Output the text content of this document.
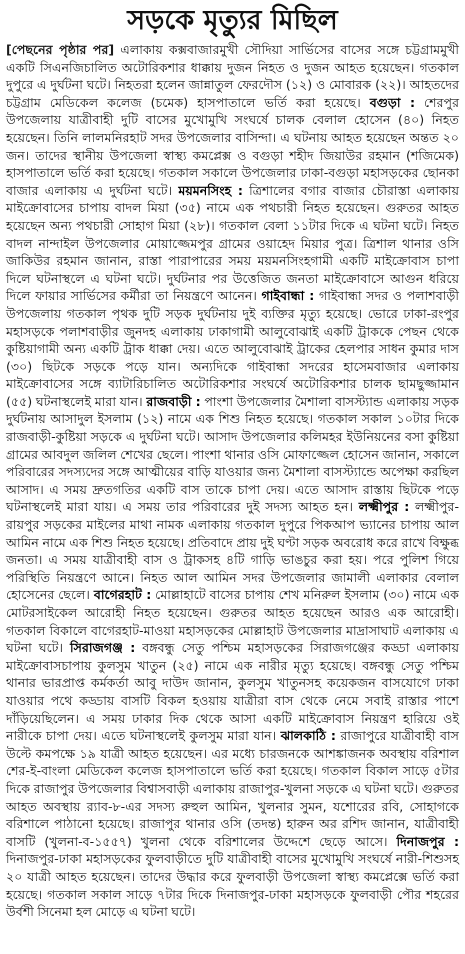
সড়কে মৃত্যুর মিছিল

[পেছনের পৃষ্ঠার পর] এলাকায় কক্সবাজারমুখী সৌদিয়া সার্ভিসের বাসের সঙ্গে চট্টগ্রামমুখী একটি সিএনজিচালিত অটোরিকশার ধাক্কায় দুজন নিহত ও দুজন আহত হয়েছেন। গতকাল দুপুরে এ দুর্ঘটনা ঘটে। নিহতরা হলেন জান্নাতুল ফেরদৌস (১২) ও মোবারক (২২)। আহতদের চট্টগ্রাম মেডিকেল কলেজ (চমেক) হাসপাতালে ভর্তি করা হয়েছে। বগুড়া : শেরপুর উপজেলায় যাত্রীবাহী দুটি বাসের মুখোমুখি সংঘর্ষে চালক বেলাল হোসেন (৪০) নিহত হয়েছেন। তিনি লালমনিরহাট সদর উপজেলার বাসিন্দা। এ ঘটনায় আহত হয়েছেন অন্তত ২০ জন। তাদের স্থানীয় উপজেলা স্বাস্থ্য কমপ্লেক্স ও বগুড়া শহীদ জিয়াউর রহমান (শজিমেক) হাসপাতালে ভর্তি করা হয়েছে। গতকাল সকালে উপজেলার ঢাকা-বগুড়া মহাসড়কের ছোনকা বাজার এলাকায় এ দুর্ঘটনা ঘটে। ময়মনসিংহ : ত্রিশালের বগার বাজার চৌরাস্তা এলাকায় মাইক্রোবাসের চাপায় বাদল মিয়া (৩৫) নামে এক পথচারী নিহত হয়েছেন। গুরুতর আহত হয়েছেন অন্য পথচারী সোহাগ মিয়া (২৮)। গতকাল বেলা ১১টার দিকে এ ঘটনা ঘটে। নিহত বাদল নান্দাইল উপজেলার মোয়াজ্জেমপুর গ্রামের ওয়াহেদ মিয়ার পুত্র। ত্রিশাল থানার ওসি জাকিউর রহমান জানান, রাস্তা পারাপারের সময় ময়মনসিংহগামী একটি মাইক্রোবাস চাপা দিলে ঘটনাস্থলে এ ঘটনা ঘটে। দুর্ঘটনার পর উত্তেজিত জনতা মাইক্রোবাসে আগুন ধরিয়ে দিলে ফায়ার সার্ভিসের কর্মীরা তা নিয়ন্ত্রণে আনেন। গাইবান্ধা : গাইবান্ধা সদর ও পলাশবাড়ী উপজেলায় গতকাল পৃথক দুটি সড়ক দুর্ঘটনায় দুই ব্যক্তির মৃত্যু হয়েছে। ভোরে ঢাকা-রংপুর মহাসড়কে পলাশবাড়ীর জুনদহ এলাকায় ঢাকাগামী আলুবোঝাই একটি ট্রাককে পেছন থেকে কুষ্টিয়াগামী অন্য একটি ট্রাক ধাক্কা দেয়। এতে আলুবোঝাই ট্রাকের হেলপার সাধন কুমার দাস (৩০) ছিটকে সড়কে পড়ে যান। অন্যদিকে গাইবান্ধা সদরের হাসেমবাজার এলাকায় মাইক্রোবাসের সঙ্গে ব্যাটারিচালিত অটোরিকশার সংঘর্ষে অটোরিকশার চালক ছামছুজ্জামান (৫৫) ঘটনাস্থলেই মারা যান। রাজবাড়ী : পাংশা উপজেলার মৈশালা বাসস্ট্যান্ড এলাকায় সড়ক দুর্ঘটনায় আসাদুল ইসলাম (১২) নামে এক শিশু নিহত হয়েছে। গতকাল সকাল ১০টার দিকে রাজবাড়ী-কুষ্টিয়া সড়কে এ দুর্ঘটনা ঘটে। আসাদ উপজেলার কলিমহর ইউনিয়নের বসা কুষ্টিয়া গ্রামের আবদুল জলিল শেখের ছেলে। পাংশা থানার ওসি মোফাজ্জেল হোসেন জানান, সকালে পরিবারের সদস্যদের সঙ্গে আত্মীয়ের বাড়ি যাওয়ার জন্য মৈশালা বাসস্ট্যান্ডে অপেক্ষা করছিল আসাদ। এ সময় দ্রুতগতির একটি বাস তাকে চাপা দেয়। এতে আসাদ রাস্তায় ছিটকে পড়ে ঘটনাস্থলেই মারা যায়। এ সময় তার পরিবারের দুই সদস্য আহত হন। লক্ষ্মীপুর : লক্ষ্মীপুর-রায়পুর সড়কের মাইলের মাথা নামক এলাকায় গতকাল দুপুরে পিকআপ ভ্যানের চাপায় আল আমিন নামে এক শিশু নিহত হয়েছে। প্রতিবাদে প্রায় দুই ঘণ্টা সড়ক অবরোধ করে রাখে বিক্ষুব্ধ জনতা। এ সময় যাত্রীবাহী বাস ও ট্রাকসহ ৪টি গাড়ি ভাঙচুর করা হয়। পরে পুলিশ গিয়ে পরিস্থিতি নিয়ন্ত্রণে আনে। নিহত আল আমিন সদর উপজেলার জামালী এলাকার বেলাল হোসেনের ছেলে। বাগেরহাট : মোল্লাহাটে বাসের চাপায় শেখ মনিরুল ইসলাম (৩০) নামে এক মোটরসাইকেল আরোহী নিহত হয়েছেন। গুরুতর আহত হয়েছেন আরও এক আরোহী। গতকাল বিকালে বাগেরহাট-মাওয়া মহাসড়কের মোল্লাহাট উপজেলার মাদ্রাসাঘাট এলাকায় এ ঘটনা ঘটে। সিরাজগঞ্জ : বঙ্গবন্ধু সেতু পশ্চিম মহাসড়কের সিরাজগঞ্জের কড্ডা এলাকায় মাইক্রোবাসচাপায় কুলসুম খাতুন (২৫) নামে এক নারীর মৃত্যু হয়েছে। বঙ্গবন্ধু সেতু পশ্চিম থানার ভারপ্রাপ্ত কর্মকর্তা আবু দাউদ জানান, কুলসুম খাতুনসহ কয়েকজন বাসযোগে ঢাকা যাওয়ার পথে কড্ডায় বাসটি বিকল হওয়ায় যাত্রীরা বাস থেকে নেমে সবাই রাস্তার পাশে দাঁড়িয়েছিলেন। এ সময় ঢাকার দিক থেকে আসা একটি মাইক্রোবাস নিয়ন্ত্রণ হারিয়ে ওই নারীকে চাপা দেয়। এতে ঘটনাস্থলেই কুলসুম মারা যান। ঝালকাঠি : রাজাপুরে যাত্রীবাহী বাস উল্টে কমপক্ষে ১৯ যাত্রী আহত হয়েছেন। এর মধ্যে চারজনকে আশঙ্কাজনক অবস্থায় বরিশাল শের-ই-বাংলা মেডিকেল কলেজ হাসপাতালে ভর্তি করা হয়েছে। গতকাল বিকাল সাড়ে ৫টার দিকে রাজাপুর উপজেলার বিশ্বাসবাড়ী এলাকায় রাজাপুর-খুলনা সড়কে এ ঘটনা ঘটে। গুরুতর আহত অবস্থায় র‌্যাব-৮-এর সদস্য রুহুল আমিন, খুলনার সুমন, যশোরের রবি, সোহাগকে বরিশালে পাঠানো হয়েছে। রাজাপুর থানার ওসি (তদন্ত) হারুন অর রশিদ জানান, যাত্রীবাহী বাসটি (খুলনা-ব-১৫৫৭) খুলনা থেকে বরিশালের উদ্দেশে ছেড়ে আসে। দিনাজপুর : দিনাজপুর-ঢাকা মহাসড়কের ফুলবাড়ীতে দুটি যাত্রীবাহী বাসের মুখোমুখি সংঘর্ষে নারী-শিশুসহ ২০ যাত্রী আহত হয়েছেন। তাদের উদ্ধার করে ফুলবাড়ী উপজেলা স্বাস্থ্য কমপ্লেক্সে ভর্তি করা হয়েছে। গতকাল সকাল সাড়ে ৭টার দিকে দিনাজপুর-ঢাকা মহাসড়কে ফুলবাড়ী পৌর শহরের উর্বশী সিনেমা হল মোড়ে এ ঘটনা ঘটে।
